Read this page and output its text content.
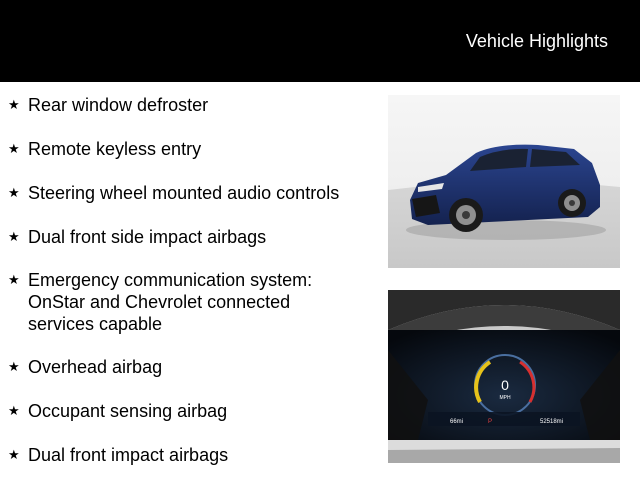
Vehicle Highlights
★ Rear window defroster
★ Remote keyless entry
★ Steering wheel mounted audio controls
★ Dual front side impact airbags
★ Emergency communication system:
OnStar and Chevrolet connected
services capable
★ Overhead airbag
★ Occupant sensing airbag
★ Dual front impact airbags
0
MPH
66mi	P	52518mi
